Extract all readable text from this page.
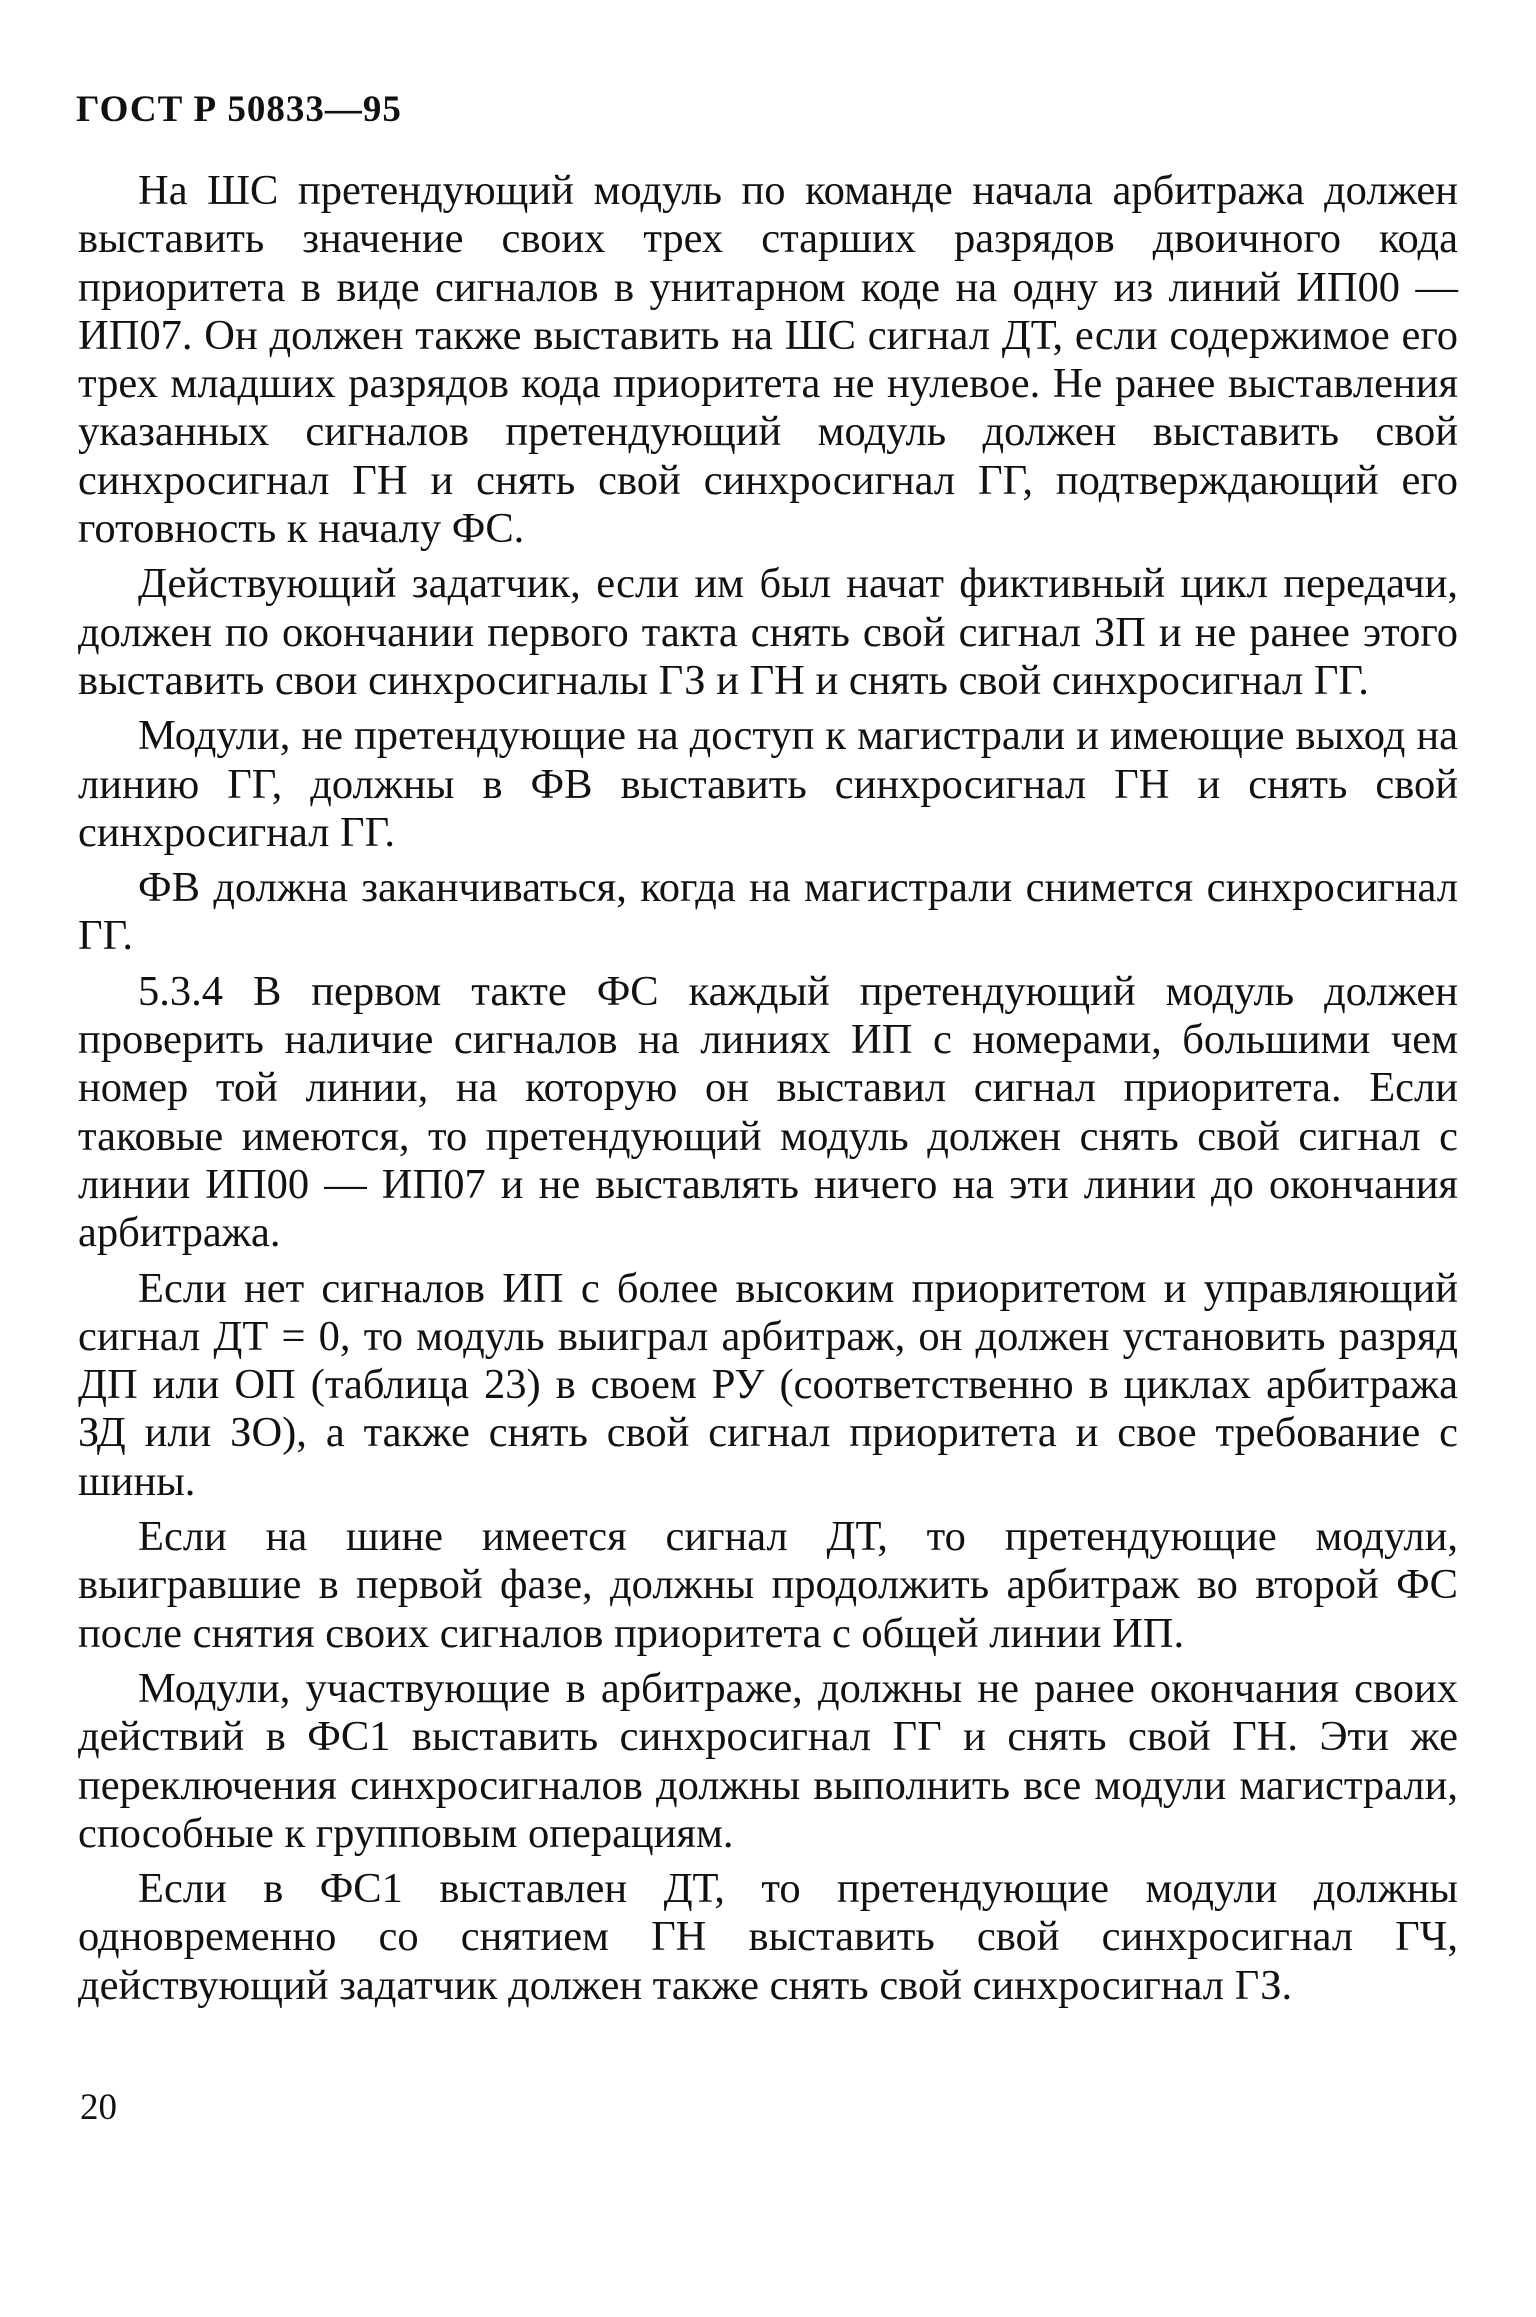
ГОСТ Р 50833—95

На ШС претендующий модуль по команде начала арбитража должен выставить значение своих трех старших разрядов двоичного кода приоритета в виде сигналов в унитарном коде на одну из линий ИП00 — ИП07. Он должен также выставить на ШС сигнал ДТ, если содержимое его трех младших разрядов кода приоритета не нулевое. Не ранее выставления указанных сигналов претендующий модуль должен выставить свой синхросигнал ГН и снять свой синхросигнал ГГ, подтверждающий его готовность к началу ФС.

Действующий задатчик, если им был начат фиктивный цикл передачи, должен по окончании первого такта снять свой сигнал ЗП и не ранее этого выставить свои синхросигналы ГЗ и ГН и снять свой синхросигнал ГГ.

Модули, не претендующие на доступ к магистрали и имеющие выход на линию ГГ, должны в ФВ выставить синхросигнал ГН и снять свой синхросигнал ГГ.

ФВ должна заканчиваться, когда на магистрали снимется синхросигнал ГГ.

5.3.4 В первом такте ФС каждый претендующий модуль должен проверить наличие сигналов на линиях ИП с номерами, большими чем номер той линии, на которую он выставил сигнал приоритета. Если таковые имеются, то претендующий модуль должен снять свой сигнал с линии ИП00 — ИП07 и не выставлять ничего на эти линии до окончания арбитража.

Если нет сигналов ИП с более высоким приоритетом и управляющий сигнал ДТ = 0, то модуль выиграл арбитраж, он должен установить разряд ДП или ОП (таблица 23) в своем РУ (соответственно в циклах арбитража ЗД или ЗО), а также снять свой сигнал приоритета и свое требование с шины.

Если на шине имеется сигнал ДТ, то претендующие модули, выигравшие в первой фазе, должны продолжить арбитраж во второй ФС после снятия своих сигналов приоритета с общей линии ИП.

Модули, участвующие в арбитраже, должны не ранее окончания своих действий в ФС1 выставить синхросигнал ГГ и снять свой ГН. Эти же переключения синхросигналов должны выполнить все модули магистрали, способные к групповым операциям.

Если в ФС1 выставлен ДТ, то претендующие модули должны одновременно со снятием ГН выставить свой синхросигнал ГЧ, действующий задатчик должен также снять свой синхросигнал ГЗ.

20
